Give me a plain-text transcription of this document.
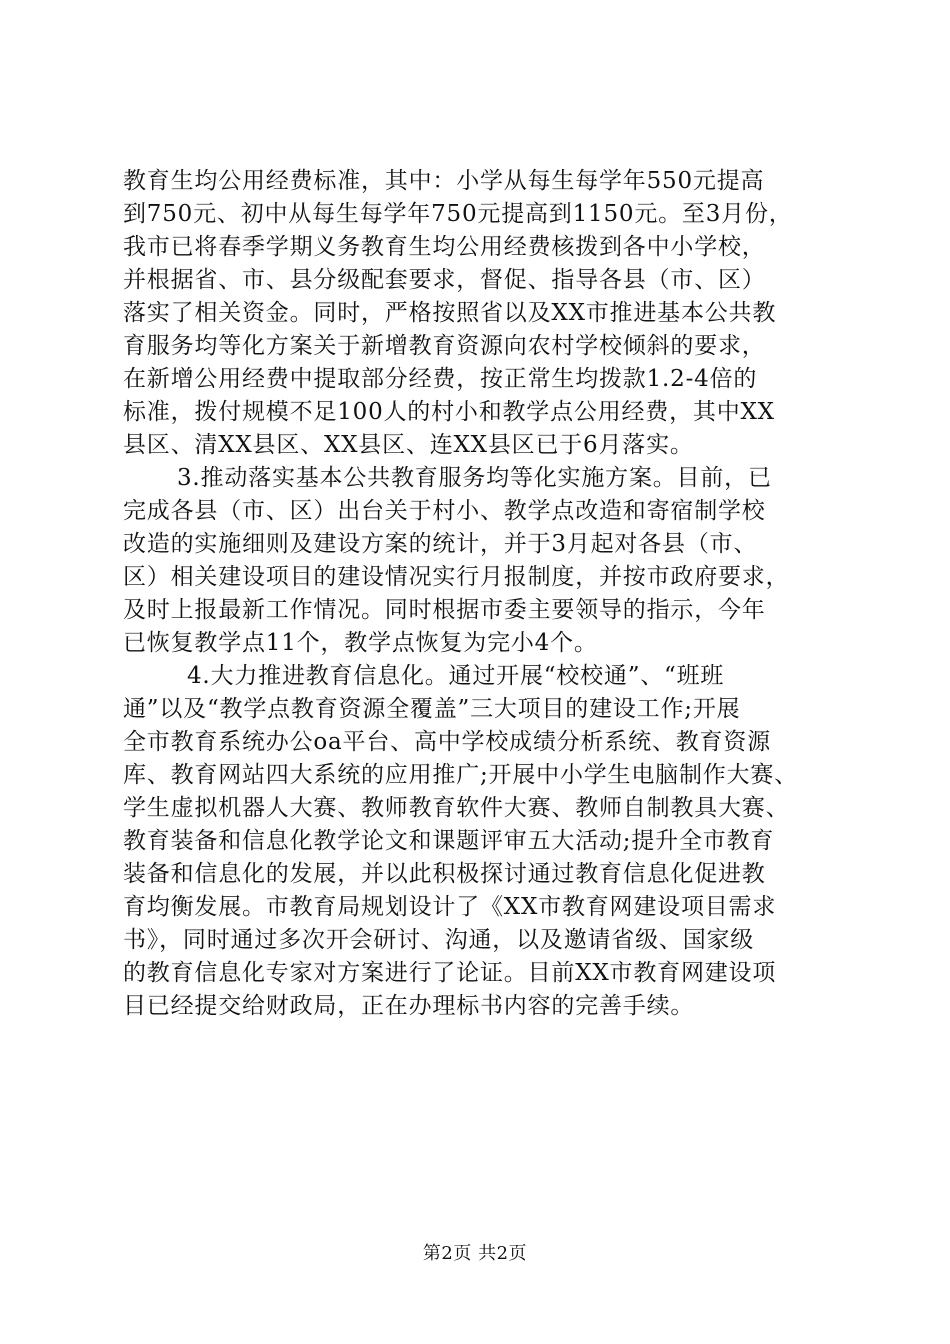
教育生均公用经费标准，其中：小学从每生每学年550元提高
到750元、初中从每生每学年750元提高到1150元。至3月份，
我市已将春季学期义务教育生均公用经费核拨到各中小学校，
并根据省、市、县分级配套要求，督促、指导各县（市、区）
落实了相关资金。同时，严格按照省以及XX市推进基本公共教
育服务均等化方案关于新增教育资源向农村学校倾斜的要求，
在新增公用经费中提取部分经费，按正常生均拨款1.2-4倍的
标准，拨付规模不足100人的村小和教学点公用经费，其中XX
县区、清XX县区、XX县区、连XX县区已于6月落实。
3.推动落实基本公共教育服务均等化实施方案。目前，已
完成各县（市、区）出台关于村小、教学点改造和寄宿制学校
改造的实施细则及建设方案的统计，并于3月起对各县（市、
区）相关建设项目的建设情况实行月报制度，并按市政府要求，
及时上报最新工作情况。同时根据市委主要领导的指示，今年
已恢复教学点11个，教学点恢复为完小4个。
4.大力推进教育信息化。通过开展“校校通”、“班班
通”以及“教学点教育资源全覆盖”三大项目的建设工作;开展
全市教育系统办公oa平台、高中学校成绩分析系统、教育资源
库、教育网站四大系统的应用推广;开展中小学生电脑制作大赛、
学生虚拟机器人大赛、教师教育软件大赛、教师自制教具大赛、
教育装备和信息化教学论文和课题评审五大活动;提升全市教育
装备和信息化的发展，并以此积极探讨通过教育信息化促进教
育均衡发展。市教育局规划设计了《XX市教育网建设项目需求
书》，同时通过多次开会研讨、沟通，以及邀请省级、国家级
的教育信息化专家对方案进行了论证。目前XX市教育网建设项
目已经提交给财政局，正在办理标书内容的完善手续。
第2页 共2页
